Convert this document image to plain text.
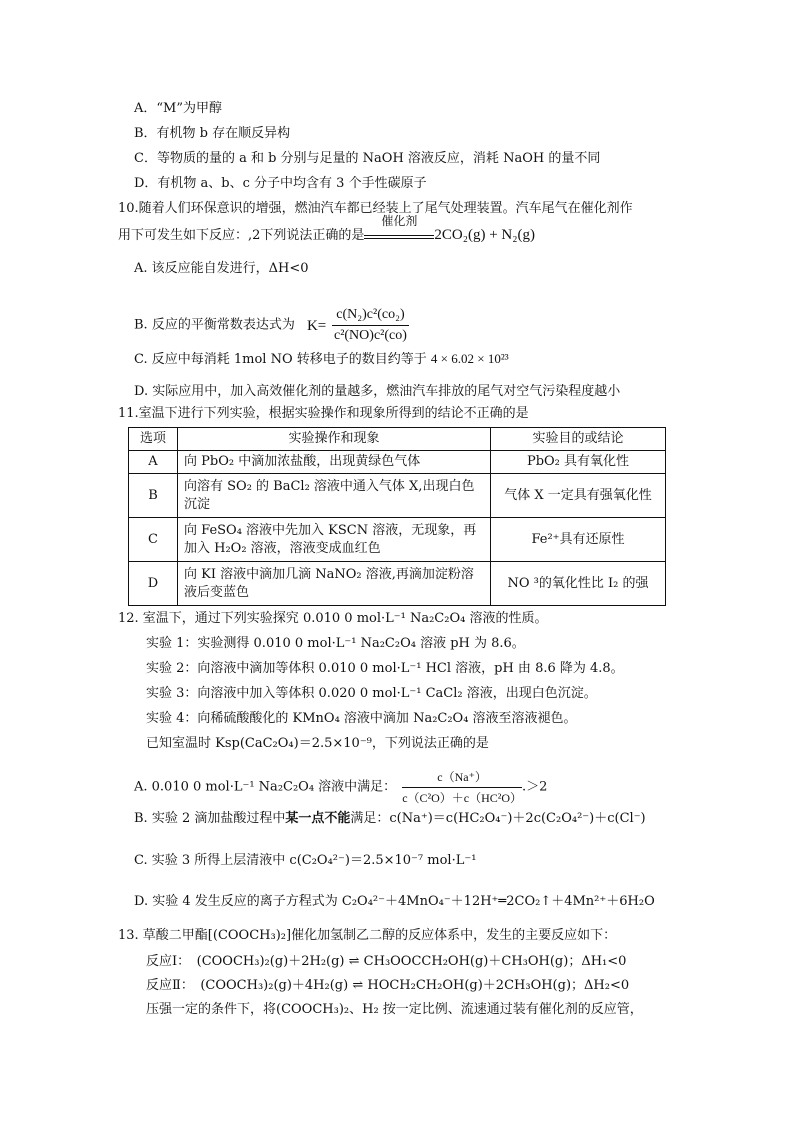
A．“M”为甲醇
B．有机物 b 存在顺反异构
C．等物质的量的 a 和 b 分别与足量的 NaOH 溶液反应，消耗 NaOH 的量不同
D．有机物 a、b、c 分子中均含有 3 个手性碳原子
10.随着人们环保意识的增强，燃油汽车都已经装上了尾气处理装置。汽车尾气在催化剂作
用下可发生如下反应：,2下列说法正确的是
催化剂
2CO₂(g) + N₂(g)
A. 该反应能自发进行，ΔH<0
B. 反应的平衡常数表达式为 $K= \frac{\text{c(N₂)c²(co₂)}}{\text{c²(NO)c²(co)}}$
C. 反应中每消耗 1mol NO 转移电子的数目约等于 4 × 6.02 × 10²³
D. 实际应用中，加入高效催化剂的量越多，燃油汽车排放的尾气对空气污染程度越小
11.室温下进行下列实验，根据实验操作和现象所得到的结论不正确的是
选项	实验操作和现象	实验目的或结论
A	向 PbO₂ 中滴加浓盐酸，出现黄绿色气体	PbO₂ 具有氧化性
B	向溶有 SO₂ 的 BaCl₂ 溶液中通入气体 X,出现白色沉淀	气体 X 一定具有强氧化性
C	向 FeSO₄ 溶液中先加入 KSCN 溶液，无现象，再加入 H₂O₂ 溶液，溶液变成血红色	Fe²⁺具有还原性
D	向 KI 溶液中滴加几滴 NaNO₂ 溶液,再滴加淀粉溶液后变蓝色	NO ³的氧化性比 I₂ 的强
12. 室温下，通过下列实验探究 0.010 0 mol·L⁻¹ Na₂C₂O₄ 溶液的性质。
实验 1：实验测得 0.010 0 mol·L⁻¹ Na₂C₂O₄ 溶液 pH 为 8.6。
实验 2：向溶液中滴加等体积 0.010 0 mol·L⁻¹ HCl 溶液，pH 由 8.6 降为 4.8。
实验 3：向溶液中加入等体积 0.020 0 mol·L⁻¹ CaCl₂ 溶液，出现白色沉淀。
实验 4：向稀硫酸酸化的 KMnO₄ 溶液中滴加 Na₂C₂O₄ 溶液至溶液褪色。
已知室温时 Ksp(CaC₂O₄)＝2.5×10⁻⁹，下列说法正确的是
A. 0.010 0 mol·L⁻¹ Na₂C₂O₄ 溶液中满足： $\frac{c(Na^+)}{\text{c（C²O）＋c（HC²O）}} .>2$
B. 实验 2 滴加盐酸过程中某一点不能满足：c(Na⁺)＝c(HC₂O₄⁻)＋2c(C₂O₄²⁻)＋c(Cl⁻)
C. 实验 3 所得上层清液中 c(C₂O₄²⁻)＝2.5×10⁻⁷ mol·L⁻¹
D. 实验 4 发生反应的离子方程式为 C₂O₄²⁻＋4MnO₄⁻＋12H⁺═2CO₂↑＋4Mn²⁺＋6H₂O
13. 草酸二甲酯[(COOCH₃)₂]催化加氢制乙二醇的反应体系中，发生的主要反应如下：
反应Ⅰ：　(COOCH₃)₂(g)＋2H₂(g) ⇌ CH₃OOCCH₂OH(g)＋CH₃OH(g)；ΔH₁<0
反应Ⅱ：　(COOCH₃)₂(g)＋4H₂(g) ⇌ HOCH₂CH₂OH(g)＋2CH₃OH(g)；ΔH₂<0
压强一定的条件下，将(COOCH₃)₂、H₂ 按一定比例、流速通过装有催化剂的反应管，
